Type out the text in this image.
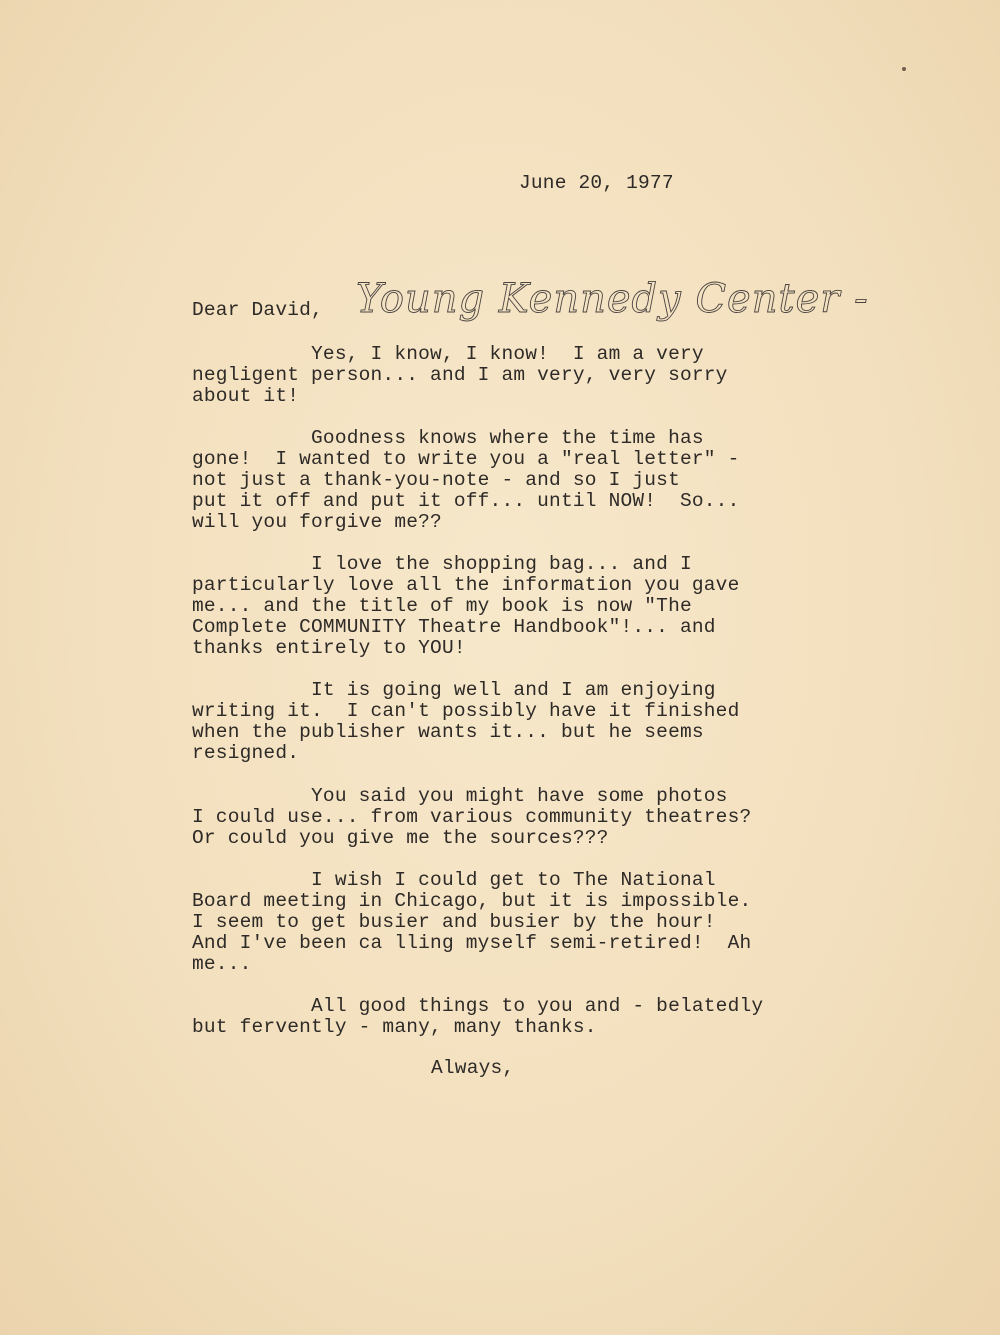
June 20, 1977

Dear David, Young Kennedy Center -

Yes, I know, I know!  I am a very
negligent person... and I am very, very sorry
about it!

Goodness knows where the time has
gone!  I wanted to write you a "real letter" -
not just a thank-you-note - and so I just
put it off and put it off... until NOW!  So...
will you forgive me??

I love the shopping bag... and I
particularly love all the information you gave
me... and the title of my book is now "The
Complete COMMUNITY Theatre Handbook"!... and
thanks entirely to YOU!

It is going well and I am enjoying
writing it.  I can't possibly have it finished
when the publisher wants it... but he seems
resigned.

You said you might have some photos
I could use... from various community theatres?
Or could you give me the sources???

I wish I could get to The National
Board meeting in Chicago, but it is impossible.
I seem to get busier and busier by the hour!
And I've been ca lling myself semi-retired!  Ah
me...

All good things to you and - belatedly
but fervently - many, many thanks.

Always,
